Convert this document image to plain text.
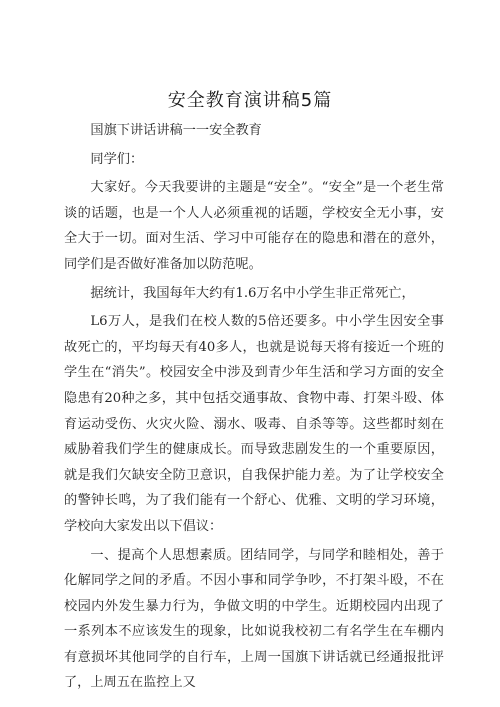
安全教育演讲稿5篇

国旗下讲话讲稿一一安全教育

同学们：

大家好。今天我要讲的主题是“安全”。“安全”是一个老生常谈的话题，也是一个人人必须重视的话题，学校安全无小事，安全大于一切。面对生活、学习中可能存在的隐患和潜在的意外，同学们是否做好准备加以防范呢。

据统计，我国每年大约有1.6万名中小学生非正常死亡，

L6万人，是我们在校人数的5倍还要多。中小学生因安全事故死亡的，平均每天有40多人，也就是说每天将有接近一个班的学生在“消失”。校园安全中涉及到青少年生活和学习方面的安全隐患有20种之多，其中包括交通事故、食物中毒、打架斗殴、体育运动受伤、火灾火险、溺水、吸毒、自杀等等。这些都时刻在威胁着我们学生的健康成长。而导致悲剧发生的一个重要原因，就是我们欠缺安全防卫意识，自我保护能力差。为了让学校安全的警钟长鸣，为了我们能有一个舒心、优雅、文明的学习环境，学校向大家发出以下倡议：

一、提高个人思想素质。团结同学，与同学和睦相处，善于化解同学之间的矛盾。不因小事和同学争吵，不打架斗殴，不在校园内外发生暴力行为，争做文明的中学生。近期校园内出现了一系列本不应该发生的现象，比如说我校初二有名学生在车棚内有意损坏其他同学的自行车，上周一国旗下讲话就已经通报批评了，上周五在监控上又
